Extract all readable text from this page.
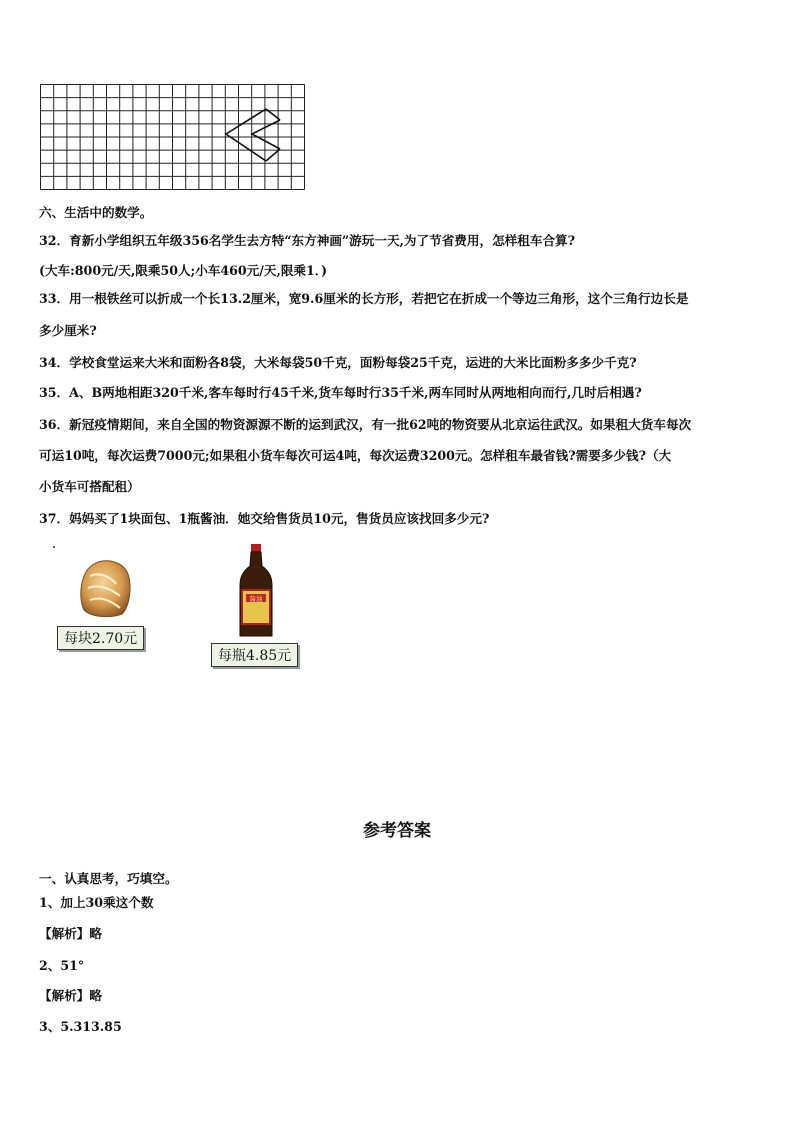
六、生活中的数学。
32．育新小学组织五年级356名学生去方特“东方神画”游玩一天,为了节省费用，怎样租车合算?
(大车:800元/天,限乘50人;小车460元/天,限乘1．)
33．用一根铁丝可以折成一个长13.2厘米，宽9.6厘米的长方形，若把它在折成一个等边三角形，这个三角行边长是
多少厘米?
34．学校食堂运来大米和面粉各8袋，大米每袋50千克，面粉每袋25千克，运进的大米比面粉多多少千克?
35．A、B两地相距320千米,客车每时行45千米,货车每时行35千米,两车同时从两地相向而行,几时后相遇?
36．新冠疫情期间，来自全国的物资源源不断的运到武汉，有一批62吨的物资要从北京运往武汉。如果租大货车每次
可运10吨，每次运费7000元;如果租小货车每次可运4吨，每次运费3200元。怎样租车最省钱?需要多少钱?（大
小货车可搭配租）
37．妈妈买了1块面包、1瓶酱油．她交给售货员10元，售货员应该找回多少元?
每块2.70元
酱油
每瓶4.85元
参考答案
一、认真思考，巧填空。
1、加上30乘这个数
【解析】略
2、51°
【解析】略
3、5.313.85
